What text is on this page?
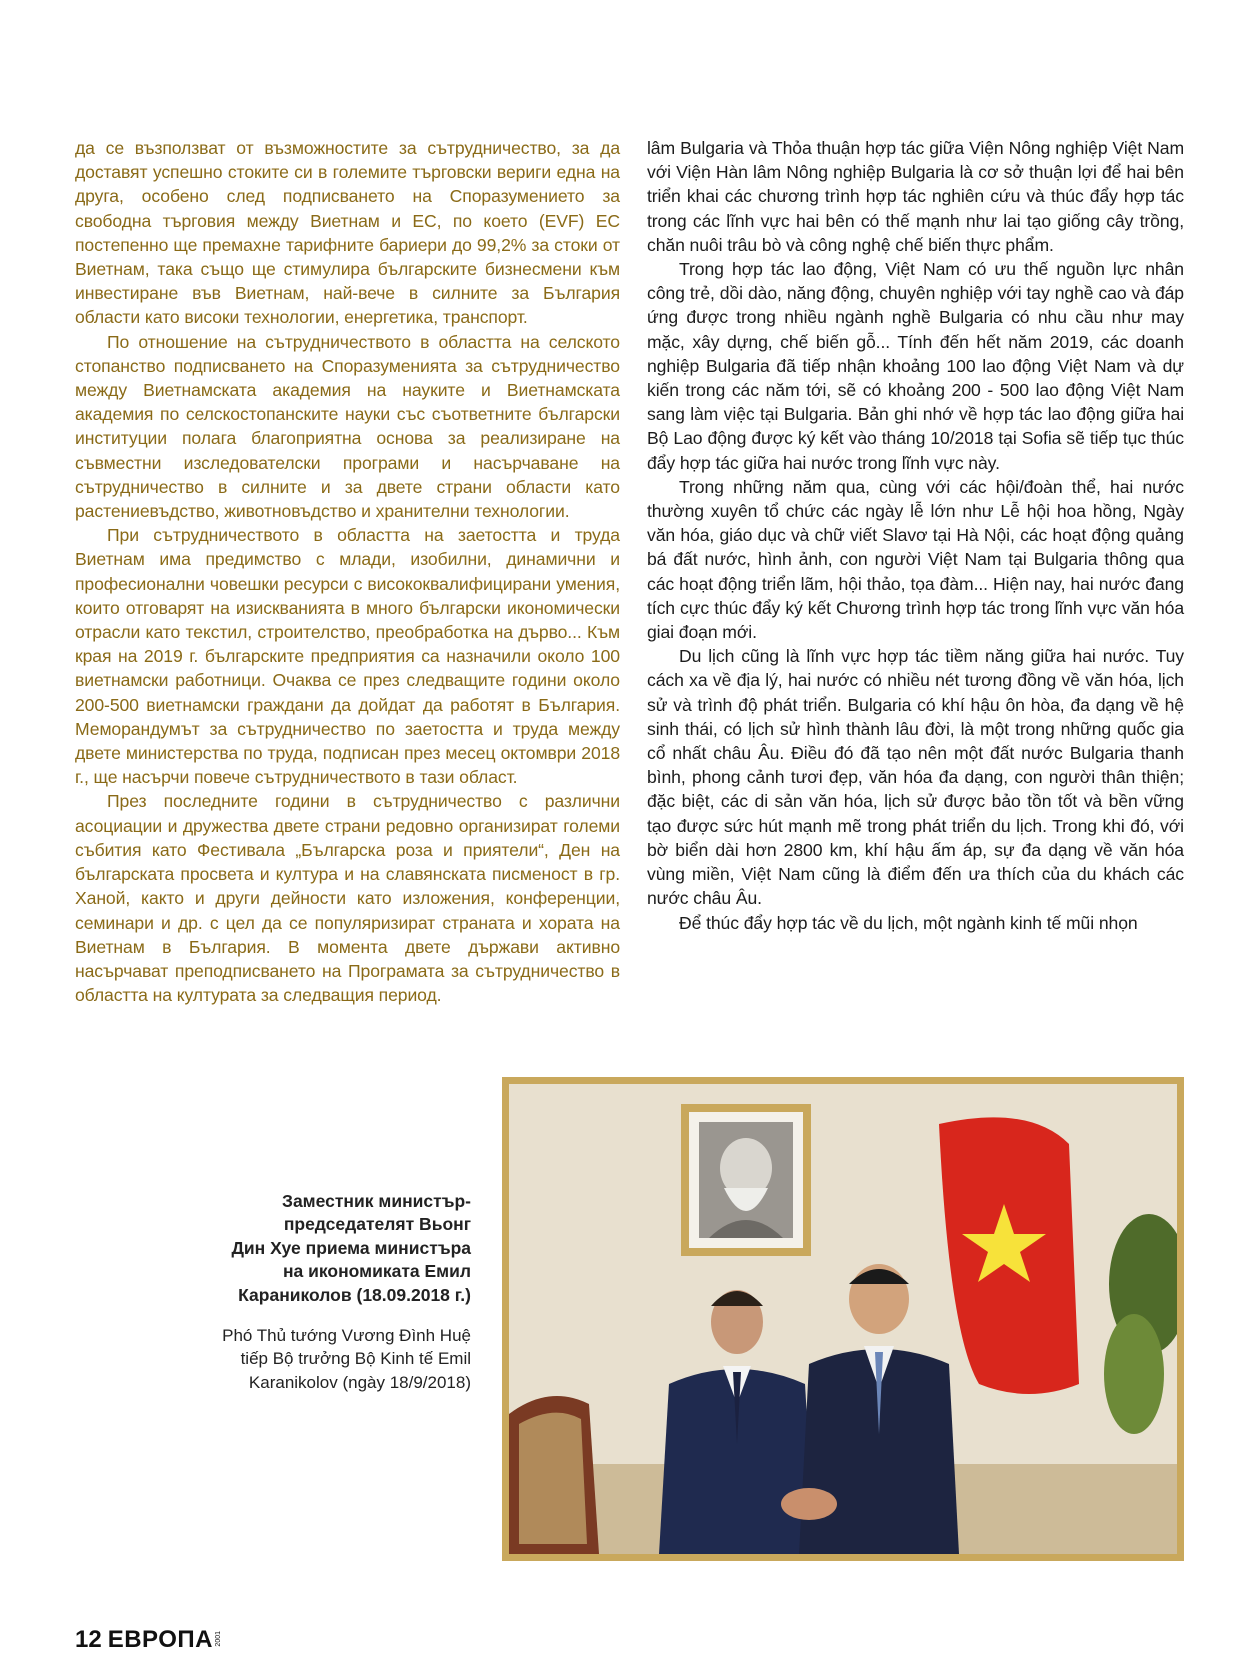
да се възползват от възможностите за сътрудничество, за да доставят успешно стоките си в големите търговски вериги една на друга, особено след подписването на Споразумението за свободна търговия между Виетнам и ЕС, по което (EVF) ЕС постепенно ще премахне тарифните бариери до 99,2% за стоки от Виетнам, така също ще стимулира българските бизнесмени към инвестиране във Виетнам, най-вече в силните за България области като високи технологии, енергетика, транспорт.

По отношение на сътрудничеството в областта на селското стопанство подписването на Споразуменията за сътрудничество между Виетнамската академия на науките и Виетнамската академия по селскостопанските науки със съответните български институции полага благоприятна основа за реализиране на съвместни изследователски програми и насърчаване на сътрудничество в силните и за двете страни области като растениевъдство, животновъдство и хранителни технологии.

При сътрудничеството в областта на заетостта и труда Виетнам има предимство с млади, изобилни, динамични и професионални човешки ресурси с висококвалифицирани умения, които отговарят на изискванията в много български икономически отрасли като текстил, строителство, преобработка на дърво... Към края на 2019 г. българските предприятия са назначили около 100 виетнамски работници. Очаква се през следващите години около 200-500 виетнамски граждани да дойдат да работят в България. Меморандумът за сътрудничество по заетостта и труда между двете министерства по труда, подписан през месец октомври 2018 г., ще насърчи повече сътрудничеството в тази област.

През последните години в сътрудничество с различни асоциации и дружества двете страни редовно организират големи събития като Фестивала „Българска роза и приятели“, Ден на българската просвета и култура и на славянската писменост в гр. Ханой, както и други дейности като изложения, конференции, семинари и др. с цел да се популяризират страната и хората на Виетнам в България. В момента двете държави активно насърчават преподписването на Програмата за сътрудничество в областта на културата за следващия период.

lâm Bulgaria và Thỏa thuận hợp tác giữa Viện Nông nghiệp Việt Nam với Viện Hàn lâm Nông nghiệp Bulgaria là cơ sở thuận lợi để hai bên triển khai các chương trình hợp tác nghiên cứu và thúc đẩy hợp tác trong các lĩnh vực hai bên có thế mạnh như lai tạo giống cây trồng, chăn nuôi trâu bò và công nghệ chế biến thực phẩm.

Trong hợp tác lao động, Việt Nam có ưu thế nguồn lực nhân công trẻ, dồi dào, năng động, chuyên nghiệp với tay nghề cao và đáp ứng được trong nhiều ngành nghề Bulgaria có nhu cầu như may mặc, xây dựng, chế biến gỗ... Tính đến hết năm 2019, các doanh nghiệp Bulgaria đã tiếp nhận khoảng 100 lao động Việt Nam và dự kiến trong các năm tới, sẽ có khoảng 200 - 500 lao động Việt Nam sang làm việc tại Bulgaria. Bản ghi nhớ về hợp tác lao động giữa hai Bộ Lao động được ký kết vào tháng 10/2018 tại Sofia sẽ tiếp tục thúc đẩy hợp tác giữa hai nước trong lĩnh vực này.

Trong những năm qua, cùng với các hội/đoàn thể, hai nước thường xuyên tổ chức các ngày lễ lớn như Lễ hội hoa hồng, Ngày văn hóa, giáo dục và chữ viết Slavơ tại Hà Nội, các hoạt động quảng bá đất nước, hình ảnh, con người Việt Nam tại Bulgaria thông qua các hoạt động triển lãm, hội thảo, tọa đàm... Hiện nay, hai nước đang tích cực thúc đẩy ký kết Chương trình hợp tác trong lĩnh vực văn hóa giai đoạn mới.

Du lịch cũng là lĩnh vực hợp tác tiềm năng giữa hai nước. Tuy cách xa về địa lý, hai nước có nhiều nét tương đồng về văn hóa, lịch sử và trình độ phát triển. Bulgaria có khí hậu ôn hòa, đa dạng về hệ sinh thái, có lịch sử hình thành lâu đời, là một trong những quốc gia cổ nhất châu Âu. Điều đó đã tạo nên một đất nước Bulgaria thanh bình, phong cảnh tươi đẹp, văn hóa đa dạng, con người thân thiện; đặc biệt, các di sản văn hóa, lịch sử được bảo tồn tốt và bền vững tạo được sức hút mạnh mẽ trong phát triển du lịch. Trong khi đó, với bờ biển dài hơn 2800 km, khí hậu ấm áp, sự đa dạng về văn hóa vùng miền, Việt Nam cũng là điểm đến ưa thích của du khách các nước châu Âu.

Để thúc đẩy hợp tác về du lịch, một ngành kinh tế mũi nhọn

Заместник министър-
председателят Вьонг
Дин Хуе приема министъра
на икономиката Емил
Караниколов (18.09.2018 г.)
Phó Thủ tướng Vương Đình Huệ
tiếp Bộ trưởng Bộ Kinh tế Emil
Karanikolov (ngày 18/9/2018)
12 ЕВРОПА 2001
